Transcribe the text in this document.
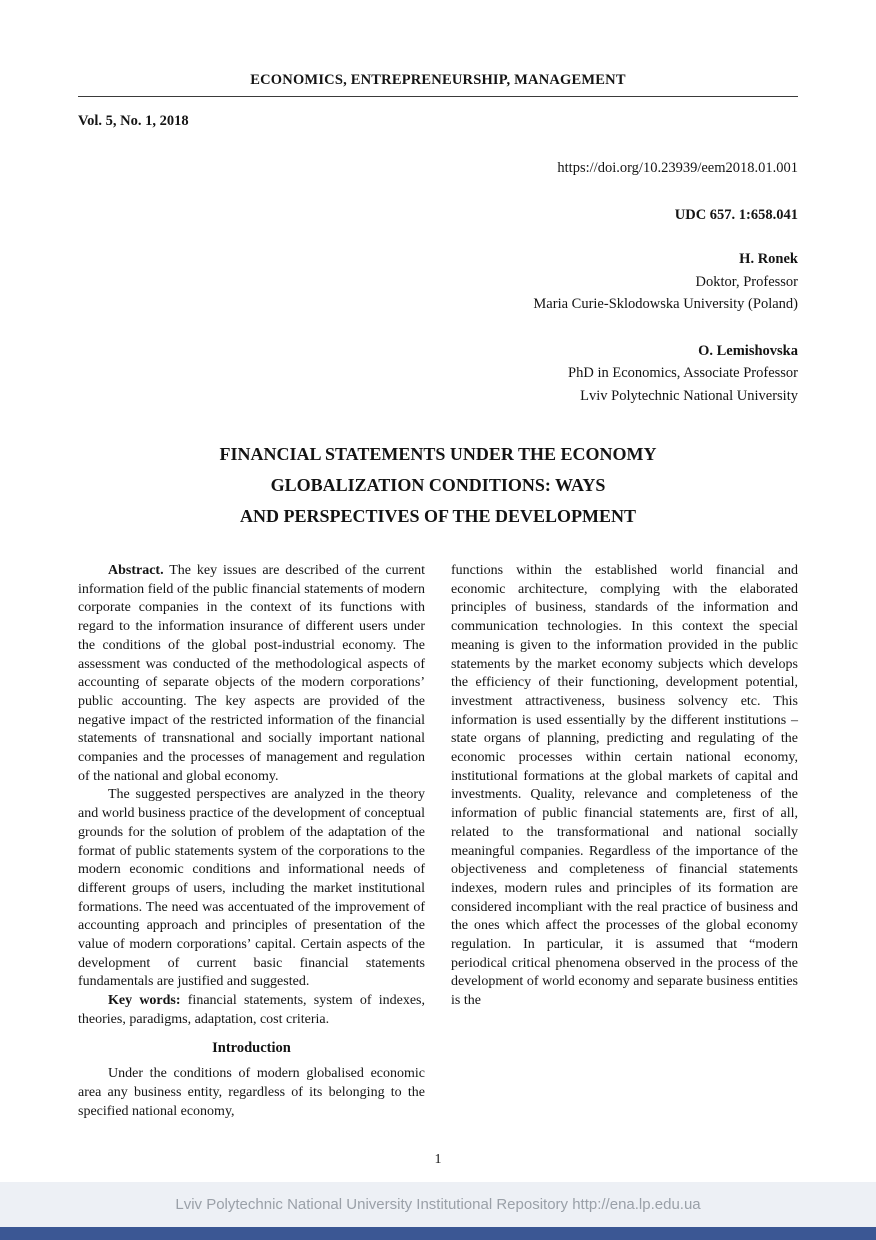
ECONOMICS, ENTREPRENEURSHIP, MANAGEMENT
Vol. 5, No. 1, 2018
https://doi.org/10.23939/eem2018.01.001
UDC 657. 1:658.041
H. Ronek
Doktor, Professor
Maria Curie-Sklodowska University (Poland)
O. Lemishovska
PhD in Economics, Associate Professor
Lviv Polytechnic National University
FINANCIAL STATEMENTS UNDER THE ECONOMY
GLOBALIZATION CONDITIONS: WAYS
AND PERSPECTIVES OF THE DEVELOPMENT

Abstract. The key issues are described of the current information field of the public financial statements of modern corporate companies in the context of its functions with regard to the information insurance of different users under the conditions of the global post-industrial economy. The assessment was conducted of the methodological aspects of accounting of separate objects of the modern corporations’ public accounting. The key aspects are provided of the negative impact of the restricted information of the financial statements of transnational and socially important national companies and the processes of management and regulation of the national and global economy.

The suggested perspectives are analyzed in the theory and world business practice of the development of conceptual grounds for the solution of problem of the adaptation of the format of public statements system of the corporations to the modern economic conditions and informational needs of different groups of users, including the market institutional formations. The need was accentuated of the improvement of accounting approach and principles of presentation of the value of modern corporations’ capital. Certain aspects of the development of current basic financial statements fundamentals are justified and suggested.

Key words: financial statements, system of indexes, theories, paradigms, adaptation, cost criteria.

Introduction

Under the conditions of modern globalised economic area any business entity, regardless of its belonging to the specified national economy,

functions within the established world financial and economic architecture, complying with the elaborated principles of business, standards of the information and communication technologies. In this context the special meaning is given to the information provided in the public statements by the market economy subjects which develops the efficiency of their functioning, development potential, investment attractiveness, business solvency etc. This information is used essentially by the different institutions – state organs of planning, predicting and regulating of the economic processes within certain national economy, institutional formations at the global markets of capital and investments. Quality, relevance and completeness of the information of public financial statements are, first of all, related to the transformational and national socially meaningful companies. Regardless of the importance of the objectiveness and completeness of financial statements indexes, modern rules and principles of its formation are considered incompliant with the real practice of business and the ones which affect the processes of the global economy regulation. In particular, it is assumed that “modern periodical critical phenomena observed in the process of the development of world economy and separate business entities is the

1
Lviv Polytechnic National University Institutional Repository http://ena.lp.edu.ua
